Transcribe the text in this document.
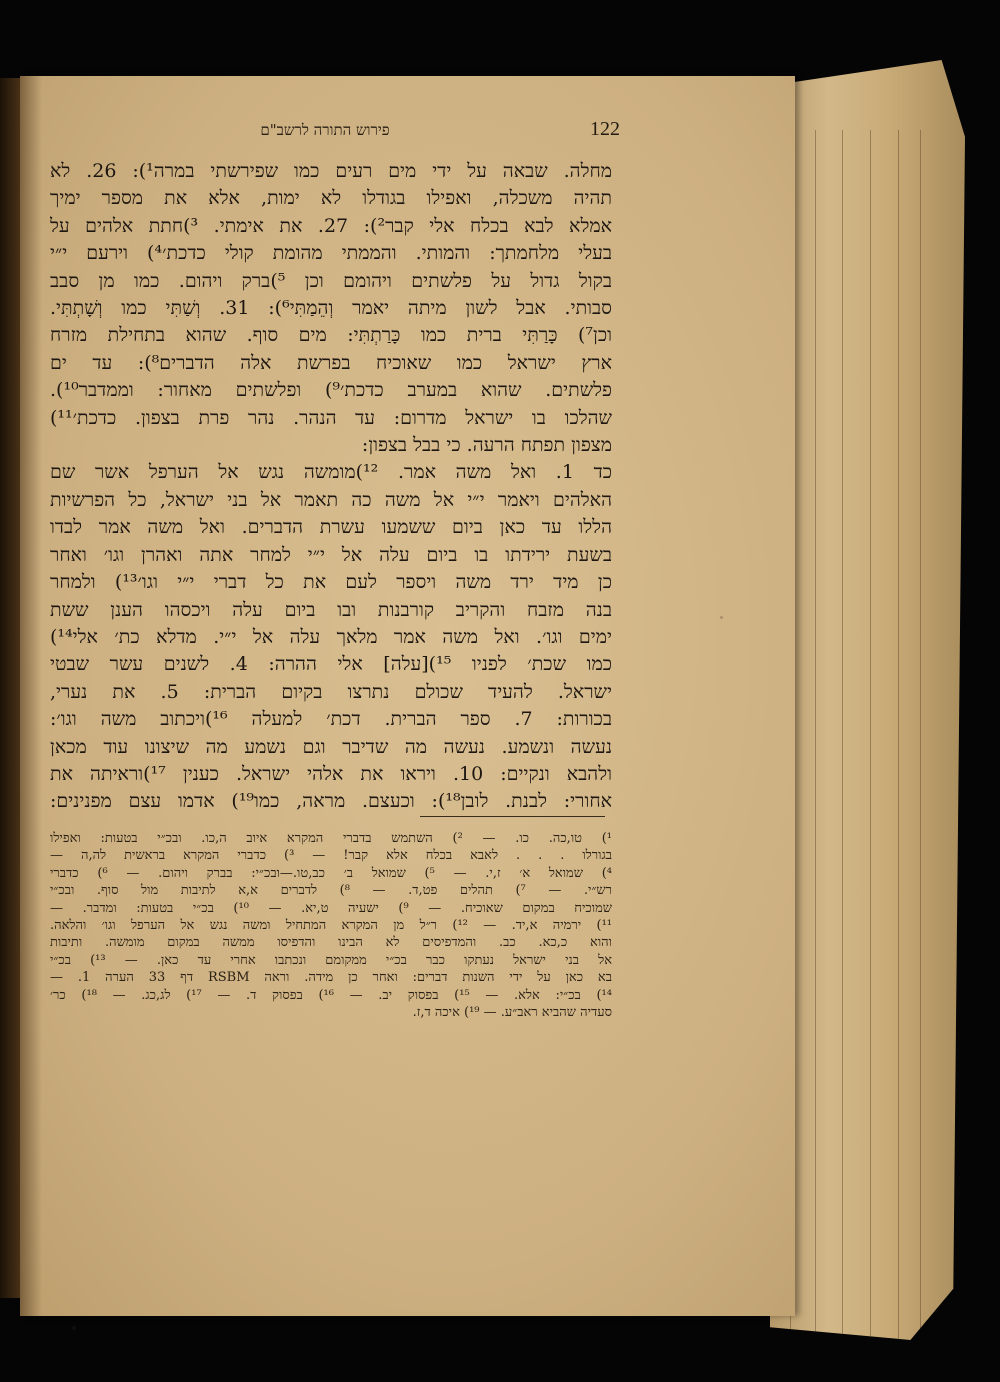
122
פירוש התורה לרשב"ם
מחלה. שבאה על ידי מים רעים כמו שפירשתי במרה¹): 26. לא
תהיה משכלה, ואפילו בגודלו לא ימות, אלא את מספר ימיך
אמלא לבא בכלח אלי קבר²): 27. את אימתי. ³)חתת אלהים על
בעלי מלחמתך: והמותי. והממתי מהומת קולי כדכת׳⁴) וירעם י״י
בקול גדול על פלשתים ויהומם וכן ⁵)ברק ויהום. כמו מן סבב
סבותי. אבל לשון מיתה יאמר וְהֵמַתִּי⁶): 31. וְשַׁתִּי כמו וְשָׁתְתִּי.
וכן⁷) כָּרַתִּי ברית כמו כָּרַתְתִּי: מים סוף. שהוא בתחילת מזרח
ארץ ישראל כמו שאוכיח בפרשת אלה הדברים⁸): עד ים
פלשתים. שהוא במערב כדכת׳⁹) ופלשתים מאחור: וממדבר¹⁰).
שהלכו בו ישראל מדרום: עד הנהר. נהר פרת בצפון. כדכת׳¹¹)
מצפון תפתח הרעה. כי בבל בצפון:
כד 1. ואל משה אמר. ¹²)מומשה נגש אל הערפל אשר שם
האלהים ויאמר י״י אל משה כה תאמר אל בני ישראל, כל הפרשיות
הללו עד כאן ביום ששמעו עשרת הדברים. ואל משה אמר לבדו
בשעת ירידתו בו ביום עלה אל י״י למחר אתה ואהרן וגו׳ ואחר
כן מיד ירד משה ויספר לעם את כל דברי י״י וגו׳¹³) ולמחר
בנה מזבח והקריב קורבנות ובו ביום עלה ויכסהו הענן ששת
ימים וגו׳. ואל משה אמר מלאך עלה אל י״י. מדלא כת׳ אלי¹⁴)
כמו שכת׳ לפניו ¹⁵)[עלה] אלי ההרה: 4. לשנים עשר שבטי
ישראל. להעיד שכולם נתרצו בקיום הברית: 5. את נערי,
בכורות: 7. ספר הברית. דכת׳ למעלה ¹⁶)ויכתוב משה וגו׳:
נעשה ונשמע. נעשה מה שדיבר וגם נשמע מה שיצונו עוד מכאן
ולהבא ונקיים: 10. ויראו את אלהי ישראל. כענין ¹⁷)וראיתה את
אחורי: לבנת. לובן¹⁸): וכעצם. מראה, כמו¹⁹) אדמו עצם מפנינים:
¹) טו,כה. כו. — ²) השתמש בדברי המקרא איוב ה,כו. ובכ״י בטעות: ואפילו
בגורלו . . . לאבא בכלח אלא קבר! — ³) כדברי המקרא בראשית לה,ה —
⁴) שמואל א׳ ז,י. — ⁵) שמואל ב׳ כב,טו.—ובכ״י: בברק ויהום. — ⁶) כדברי
רש״י. — ⁷) תהלים פט,ד. — ⁸) לדברים א,א לתיבות מול סוף. ובכ״י
שמוכיח במקום שאוכיח. — ⁹) ישעיה ט,יא. — ¹⁰) בכ״י בטעות: ומדבר. —
¹¹) ירמיה א,יד. — ¹²) ר״ל מן המקרא המתחיל ומשה נגש אל הערפל וגו׳ והלאה.
והוא כ,כא. כב. והמדפיסים לא הבינו והדפיסו ממשה במקום מומשה. ותיבות
אל בני ישראל נעתקו כבר בכ״י ממקומם ונכתבו אחרי עד כאן. — ¹³) בכ״י
בא כאן על ידי השנות דברים: ואחר כן מידה. וראה RSBM דף 33 הערה 1. —
¹⁴) בכ״י: אלא. — ¹⁵) בפסוק יב. — ¹⁶) בפסוק ד. — ¹⁷) לג,כג. — ¹⁸) כר׳
סעדיה שהביא ראב״ע. — ¹⁹) איכה ד,ז.
